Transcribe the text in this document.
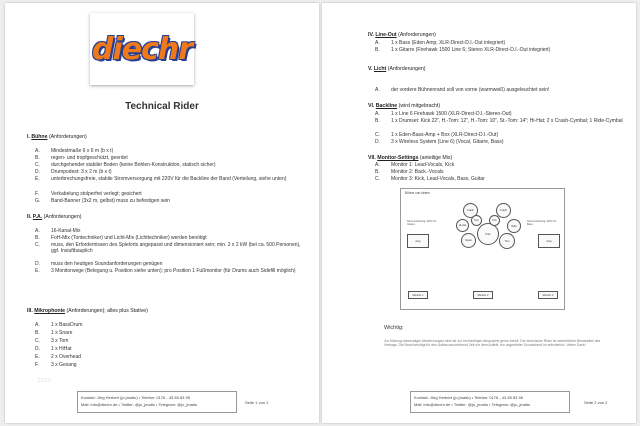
diechr
Technical Rider
I. Bühne (Anforderungen)
A.	Mindestmaße 6 x 6 m (b x t)
B.	regen- und tropfgeschützt, geerdet
C.	durchgehender stabiler Boden (keine Bohlen-Konstruktion, statisch sicher)
D.	Drumpodest: 3 x 2 m (b x t)
E.	unterbrechungsfreie, stabile Stromversorgung mit 220V für die Backline der Band (Verteilung, siehe unten)
F.	Verkabelung stolperfrei verlegt; gesichert
G.	Band-Banner (3x2 m, gelbst) muss zu befestigen sein
II. P.A. (Anforderungen)
A.	16-Kanal-Mix
B.	FoH-Mix (Tontechniker) und Licht-Mix (Lichttechniker) werden benötigt
C.	muss, den Erfordernissen des Spielorts angepasst und dimensioniert sein; min. 2 x 2 kW (bei ca. 500 Personen), ggf. Insiuftbauplich
D.	muss den heutigen Soundanforderungen genügen
E.	3 Monitorwege (Belegung u. Position siehe unten); pro Position 1 Fußmonitor (für Drums auch Sidefill möglich)
III. Mikrophonie (Anforderungen); alles plus Stative)
A.	1 x BassDrum
B.	1 x Snare
C.	3 x Tom
D.	1 x HiHat
E.	2 x Overhead
F.	3 x Gesang
1ccs
Kontakt: Jörg Herbert (jo.jmaitu) • Telefon: 0176 - 43 89 83 95
Mail: info@diechr.de • Twitter: @jo_jmaitu • Telegram: @jo_jmaitu	Seite 1 von 2
IV. Line-Out (Anforderungen)
A.	1 x Bass (Eden Amp; XLR-Direct-D.I.-Out integriert)
B.	1 x Gitarre (Firehawk 1500 Line 6; Stereo XLR-Direct-D.I.-Out integriert)
V. Licht (Anforderungen)
A.	der vordere Bühnenrand soll von vorne (warmweiß) ausgeleuchtet sein!
VI. Backline (wird mitgebracht)
A.	1 x Line 6 Firehawk 1500 (XLR-Direct-D.I.-Stereo-Out)
B.	1 x Drumset: Kick 22", H.-Tom: 12", H.-Tom: 10", St.-Tom: 14"; Hi-Hat; 2 x Crash-Cymbal; 1 Ride-Cymbal
C.	1 x Eden-Bass-Amp + Box (XLR-Direct-D.I.-Out)
D.	3 x Wireless System (Line 6) (Vocal, Gitarre, Bass)
VII. Monitor-Settings (anteilige Mix)
A.	Monitor 1: Lead-Vocals, Kick
B.	Monitor 2: Back.-Vocals
C.	Monitor 3: Kick, Lead-Vocals, Bass, Guitar
Bühne von hinten
Stromverteilung: 220V für Gitarre
Stromverteilung: 220V für Bass
Amp	Amp
Crash
Hi-Hat
Snare
Kick
Tom	Tom
Crash
Ride
Tom
Monitor 1	Monitor 2	Monitor 3
Wichtig:
Zur Klärung notwendiger Abweichungen sind wir zur rechtzeitigen Absprache gerne bereit. Der technische Rider ist wesentlicher Bestandteil des Vertrags. Die Band benötigt für den Aufbau ausreichend Zeit vor dem Auftritt, ein ungestörter Soundcheck ist erforderlich. Vielen Dank!
Kontakt: Jörg Herbert (jo.jmaitu) • Telefon: 0176 - 43 89 83 95
Mail: info@diechr.de • Twitter: @jo_jmaitu • Telegram: @jo_jmaitu	Seite 2 von 2
